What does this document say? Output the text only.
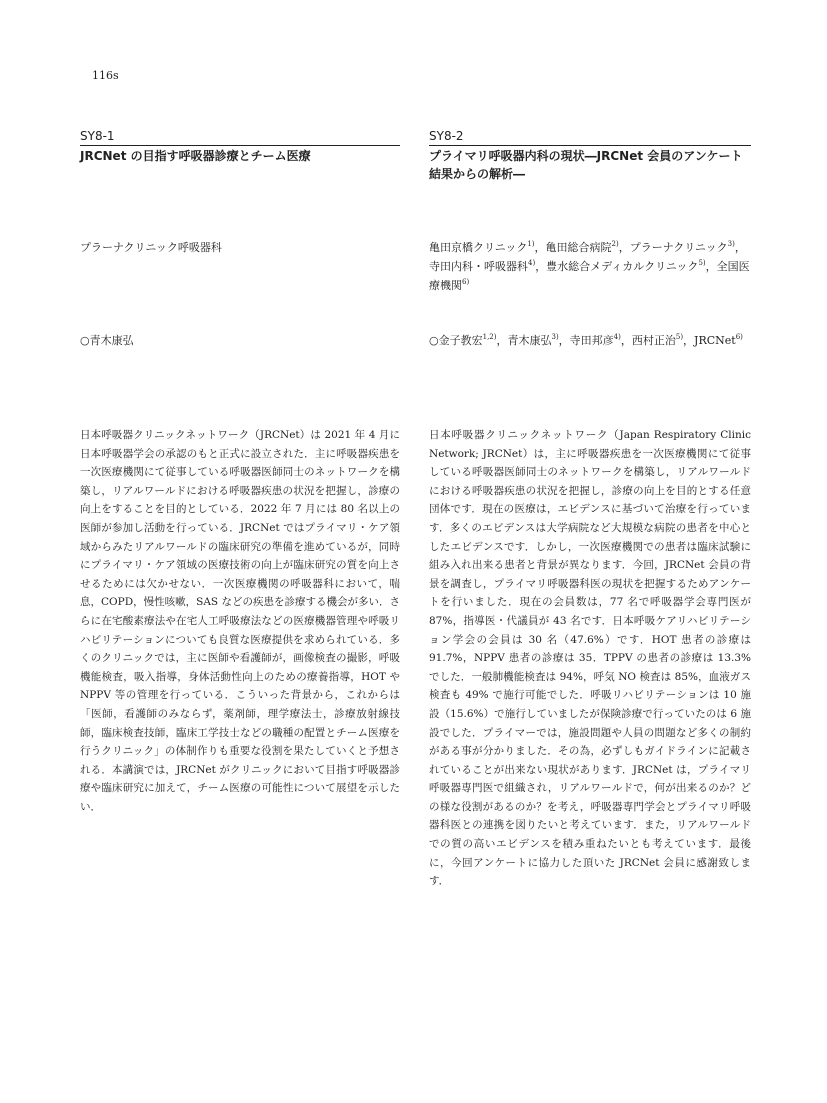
116s
SY8-1
JRCNet の目指す呼吸器診療とチーム医療
プラーナクリニック呼吸器科
○青木康弘
日本呼吸器クリニックネットワーク（JRCNet）は 2021 年 4 月に日本呼吸器学会の承認のもと正式に設立された．主に呼吸器疾患を一次医療機関にて従事している呼吸器医師同士のネットワークを構築し，リアルワールドにおける呼吸器疾患の状況を把握し，診療の向上をすることを目的としている．2022 年 7 月には 80 名以上の医師が参加し活動を行っている．JRCNet ではプライマリ・ケア領域からみたリアルワールドの臨床研究の準備を進めているが，同時にプライマリ・ケア領域の医療技術の向上が臨床研究の質を向上させるためには欠かせない．一次医療機関の呼吸器科において，喘息，COPD，慢性咳嗽，SAS などの疾患を診療する機会が多い．さらに在宅酸素療法や在宅人工呼吸療法などの医療機器管理や呼吸リハビリテーションについても良質な医療提供を求められている．多くのクリニックでは，主に医師や看護師が，画像検査の撮影，呼吸機能検査，吸入指導，身体活動性向上のための療養指導，HOT や NPPV 等の管理を行っている．こういった背景から，これからは「医師，看護師のみならず，薬剤師，理学療法士，診療放射線技師，臨床検査技師，臨床工学技士などの職種の配置とチーム医療を行うクリニック」の体制作りも重要な役割を果たしていくと予想される．本講演では，JRCNet がクリニックにおいて目指す呼吸器診療や臨床研究に加えて，チーム医療の可能性について展望を示したい．
SY8-2
プライマリ呼吸器内科の現状―JRCNet 会員のアンケート結果からの解析―
亀田京橋クリニック$^{1)}$，亀田総合病院$^{2)}$，プラーナクリニック$^{3)}$，寺田内科・呼吸器科$^{4)}$，豊水総合メディカルクリニック$^{5)}$，全国医療機関$^{6)}$
○金子教宏$^{1,2)}$，青木康弘$^{3)}$，寺田邦彦$^{4)}$，西村正治$^{5)}$，JRCNet$^{6)}$
日本呼吸器クリニックネットワーク（Japan Respiratory Clinic Network; JRCNet）は，主に呼吸器疾患を一次医療機関にて従事している呼吸器医師同士のネットワークを構築し，リアルワールドにおける呼吸器疾患の状況を把握し，診療の向上を目的とする任意団体です．現在の医療は，エビデンスに基づいて治療を行っています．多くのエビデンスは大学病院など大規模な病院の患者を中心としたエビデンスです．しかし，一次医療機関での患者は臨床試験に組み入れ出来る患者と背景が異なります．今回，JRCNet 会員の背景を調査し，プライマリ呼吸器科医の現状を把握するためアンケートを行いました．現在の会員数は，77 名で呼吸器学会専門医が 87%，指導医・代議員が 43 名です．日本呼吸ケアリハビリテーション学会の会員は 30 名（47.6%）です．HOT 患者の診療は 91.7%，NPPV 患者の診療は 35．TPPV の患者の診療は 13.3% でした．一般肺機能検査は 94%，呼気 NO 検査は 85%，血液ガス検査も 49% で施行可能でした．呼吸リハビリテーションは 10 施設（15.6%）で施行していましたが保険診療で行っていたのは 6 施設でした．プライマーでは，施設問題や人員の問題など多くの制約がある事が分かりました．その為，必ずしもガイドラインに記載されていることが出来ない現状があります．JRCNet は，プライマリ呼吸器専門医で組織され，リアルワールドで，何が出来るのか？どの様な役割があるのか？を考え，呼吸器専門学会とプライマリ呼吸器科医との連携を図りたいと考えています．また，リアルワールドでの質の高いエビデンスを積み重ねたいとも考えています．最後に，今回アンケートに協力した頂いた JRCNet 会員に感謝致します．
